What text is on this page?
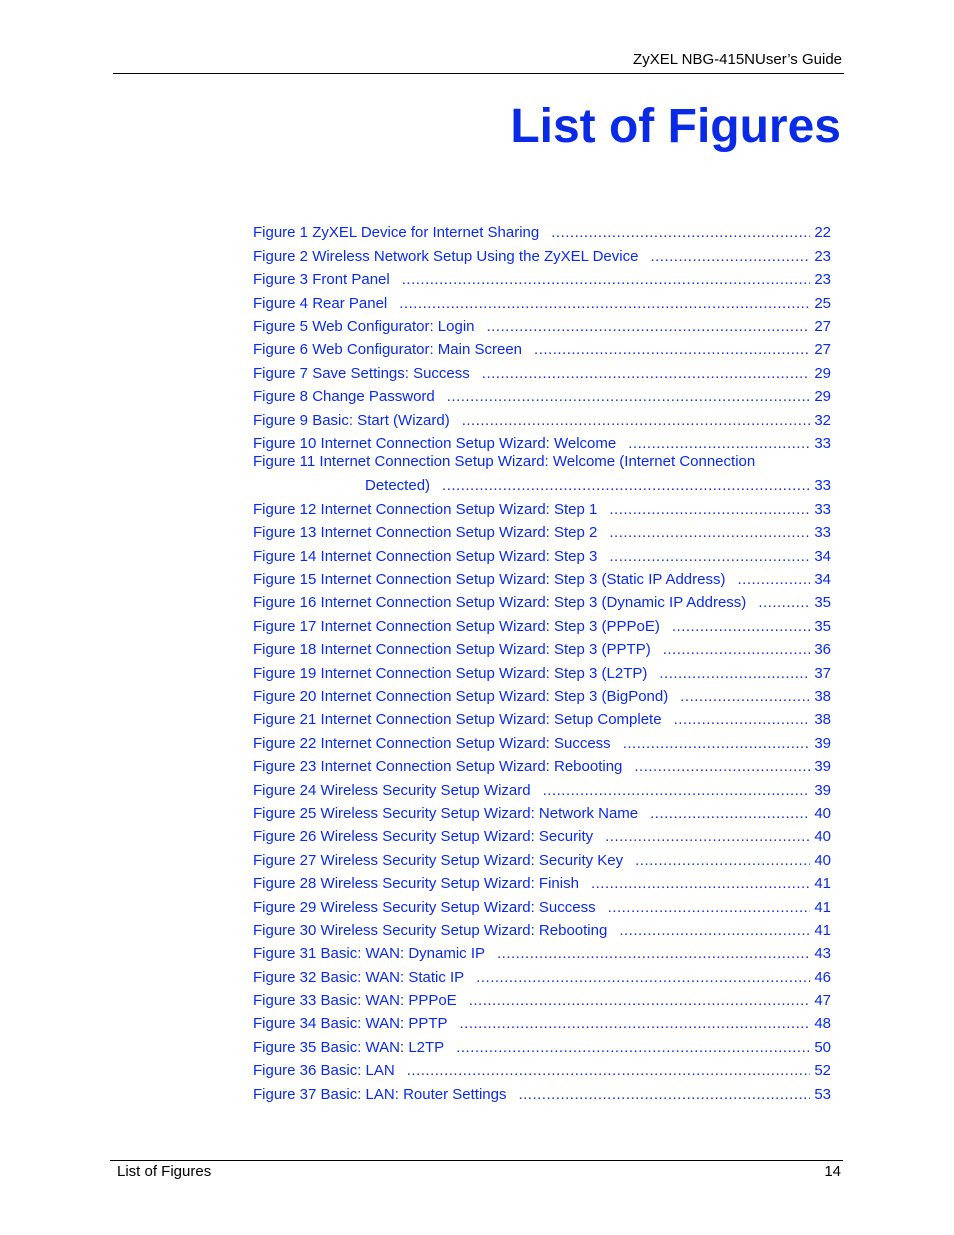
ZyXEL NBG-415NUser’s Guide
List of Figures
Figure 1 ZyXEL Device for Internet Sharing .....	22
Figure 2 Wireless Network Setup Using the ZyXEL Device .....	23
Figure 3 Front Panel .....	23
Figure 4 Rear Panel .....	25
Figure 5 Web Configurator: Login .....	27
Figure 6 Web Configurator: Main Screen .....	27
Figure 7 Save Settings: Success .....	29
Figure 8 Change Password .....	29
Figure 9 Basic: Start (Wizard) .....	32
Figure 10 Internet Connection Setup Wizard: Welcome .....	33
Figure 11 Internet Connection Setup Wizard: Welcome (Internet Connection
Detected) .....	33
Figure 12 Internet Connection Setup Wizard: Step 1 .....	33
Figure 13 Internet Connection Setup Wizard: Step 2 .....	33
Figure 14 Internet Connection Setup Wizard: Step 3 .....	34
Figure 15 Internet Connection Setup Wizard: Step 3 (Static IP Address) .....	34
Figure 16 Internet Connection Setup Wizard: Step 3 (Dynamic IP Address) .....	35
Figure 17 Internet Connection Setup Wizard: Step 3 (PPPoE) .....	35
Figure 18 Internet Connection Setup Wizard: Step 3 (PPTP) .....	36
Figure 19 Internet Connection Setup Wizard: Step 3 (L2TP) .....	37
Figure 20 Internet Connection Setup Wizard: Step 3 (BigPond) .....	38
Figure 21 Internet Connection Setup Wizard: Setup Complete .....	38
Figure 22 Internet Connection Setup Wizard: Success .....	39
Figure 23 Internet Connection Setup Wizard: Rebooting .....	39
Figure 24 Wireless Security Setup Wizard .....	39
Figure 25 Wireless Security Setup Wizard: Network Name .....	40
Figure 26 Wireless Security Setup Wizard: Security .....	40
Figure 27 Wireless Security Setup Wizard: Security Key .....	40
Figure 28 Wireless Security Setup Wizard: Finish .....	41
Figure 29 Wireless Security Setup Wizard: Success .....	41
Figure 30 Wireless Security Setup Wizard: Rebooting .....	41
Figure 31 Basic: WAN: Dynamic IP .....	43
Figure 32 Basic: WAN: Static IP .....	46
Figure 33 Basic: WAN: PPPoE .....	47
Figure 34 Basic: WAN: PPTP .....	48
Figure 35 Basic: WAN: L2TP .....	50
Figure 36 Basic: LAN .....	52
Figure 37 Basic: LAN: Router Settings .....	53
List of Figures	14
